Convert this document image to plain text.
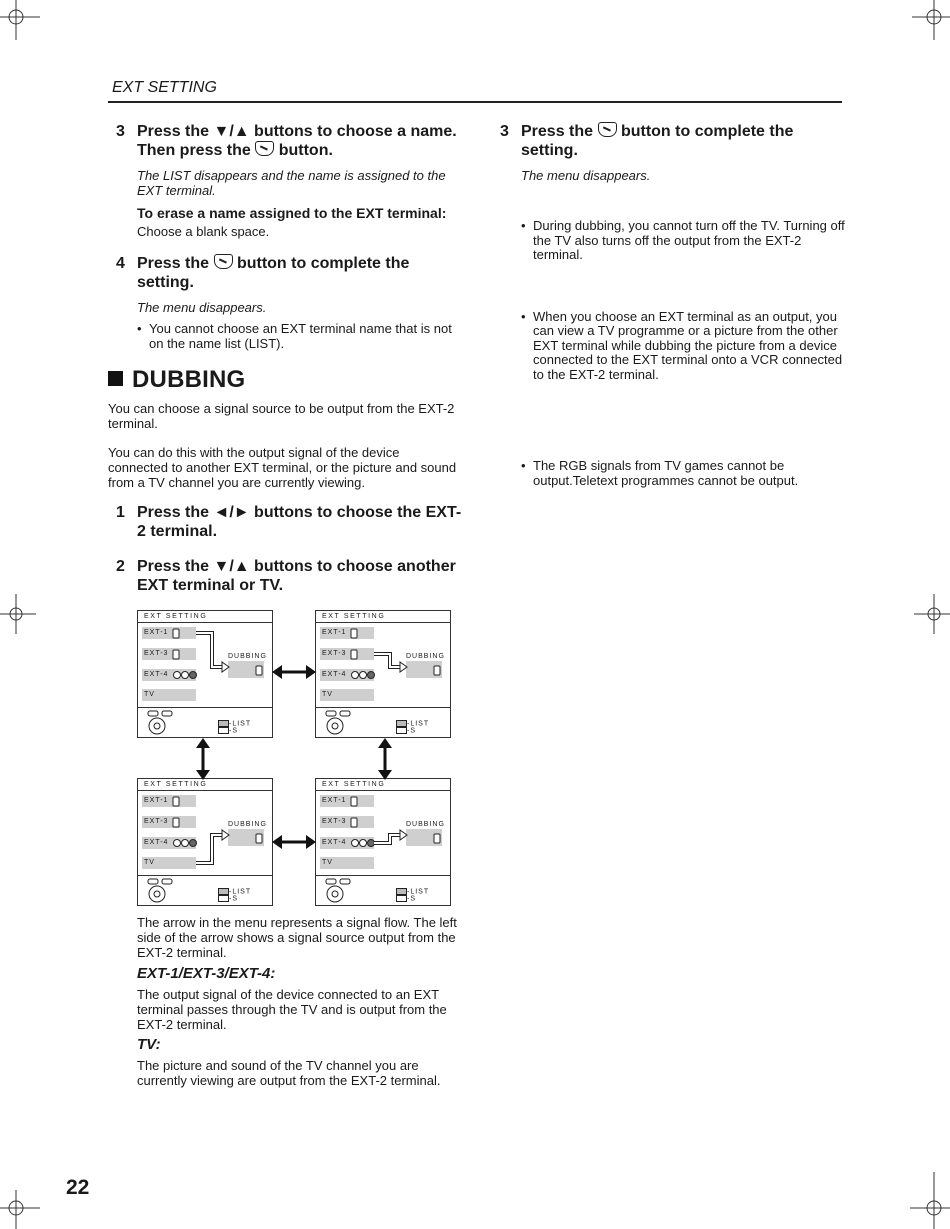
EXT SETTING
3 Press the ▼/▲ buttons to choose a name.
Then press the button.
The LIST disappears and the name is assigned to the EXT terminal.
To erase a name assigned to the EXT terminal:
Choose a blank space.
4 Press the button to complete the
setting.
The menu disappears.
• You cannot choose an EXT terminal name that is not on the name list (LIST).
DUBBING
You can choose a signal source to be output from the EXT-2 terminal.
You can do this with the output signal of the device connected to another EXT terminal, or the picture and sound from a TV channel you are currently viewing.
1 Press the ◄/► buttons to choose the EXT-2 terminal.
2 Press the ▼/▲ buttons to choose another EXT terminal or TV.
EXT SETTING
EXT-1
EXT-3
EXT-4
TV
DUBBING

-LIST
-S
EXT SETTING
EXT-1
EXT-3
EXT-4
TV
DUBBING

-LIST
-S
EXT SETTING
EXT-1
EXT-3
EXT-4
TV
DUBBING

-LIST
-S
EXT SETTING
EXT-1
EXT-3
EXT-4
TV
DUBBING

-LIST
-S
The arrow in the menu represents a signal flow. The left side of the arrow shows a signal source output from the EXT-2 terminal.
EXT-1/EXT-3/EXT-4:
The output signal of the device connected to an EXT terminal passes through the TV and is output from the EXT-2 terminal.
TV:
The picture and sound of the TV channel you are currently viewing are output from the EXT-2 terminal.
3 Press the button to complete the
setting.
The menu disappears.
• During dubbing, you cannot turn off the TV. Turning off the TV also turns off the output from the EXT-2 terminal.
• When you choose an EXT terminal as an output, you can view a TV programme or a picture from the other EXT terminal while dubbing the picture from a device connected to the EXT terminal onto a VCR connected to the EXT-2 terminal.
• The RGB signals from TV games cannot be output.Teletext programmes cannot be output.
22
